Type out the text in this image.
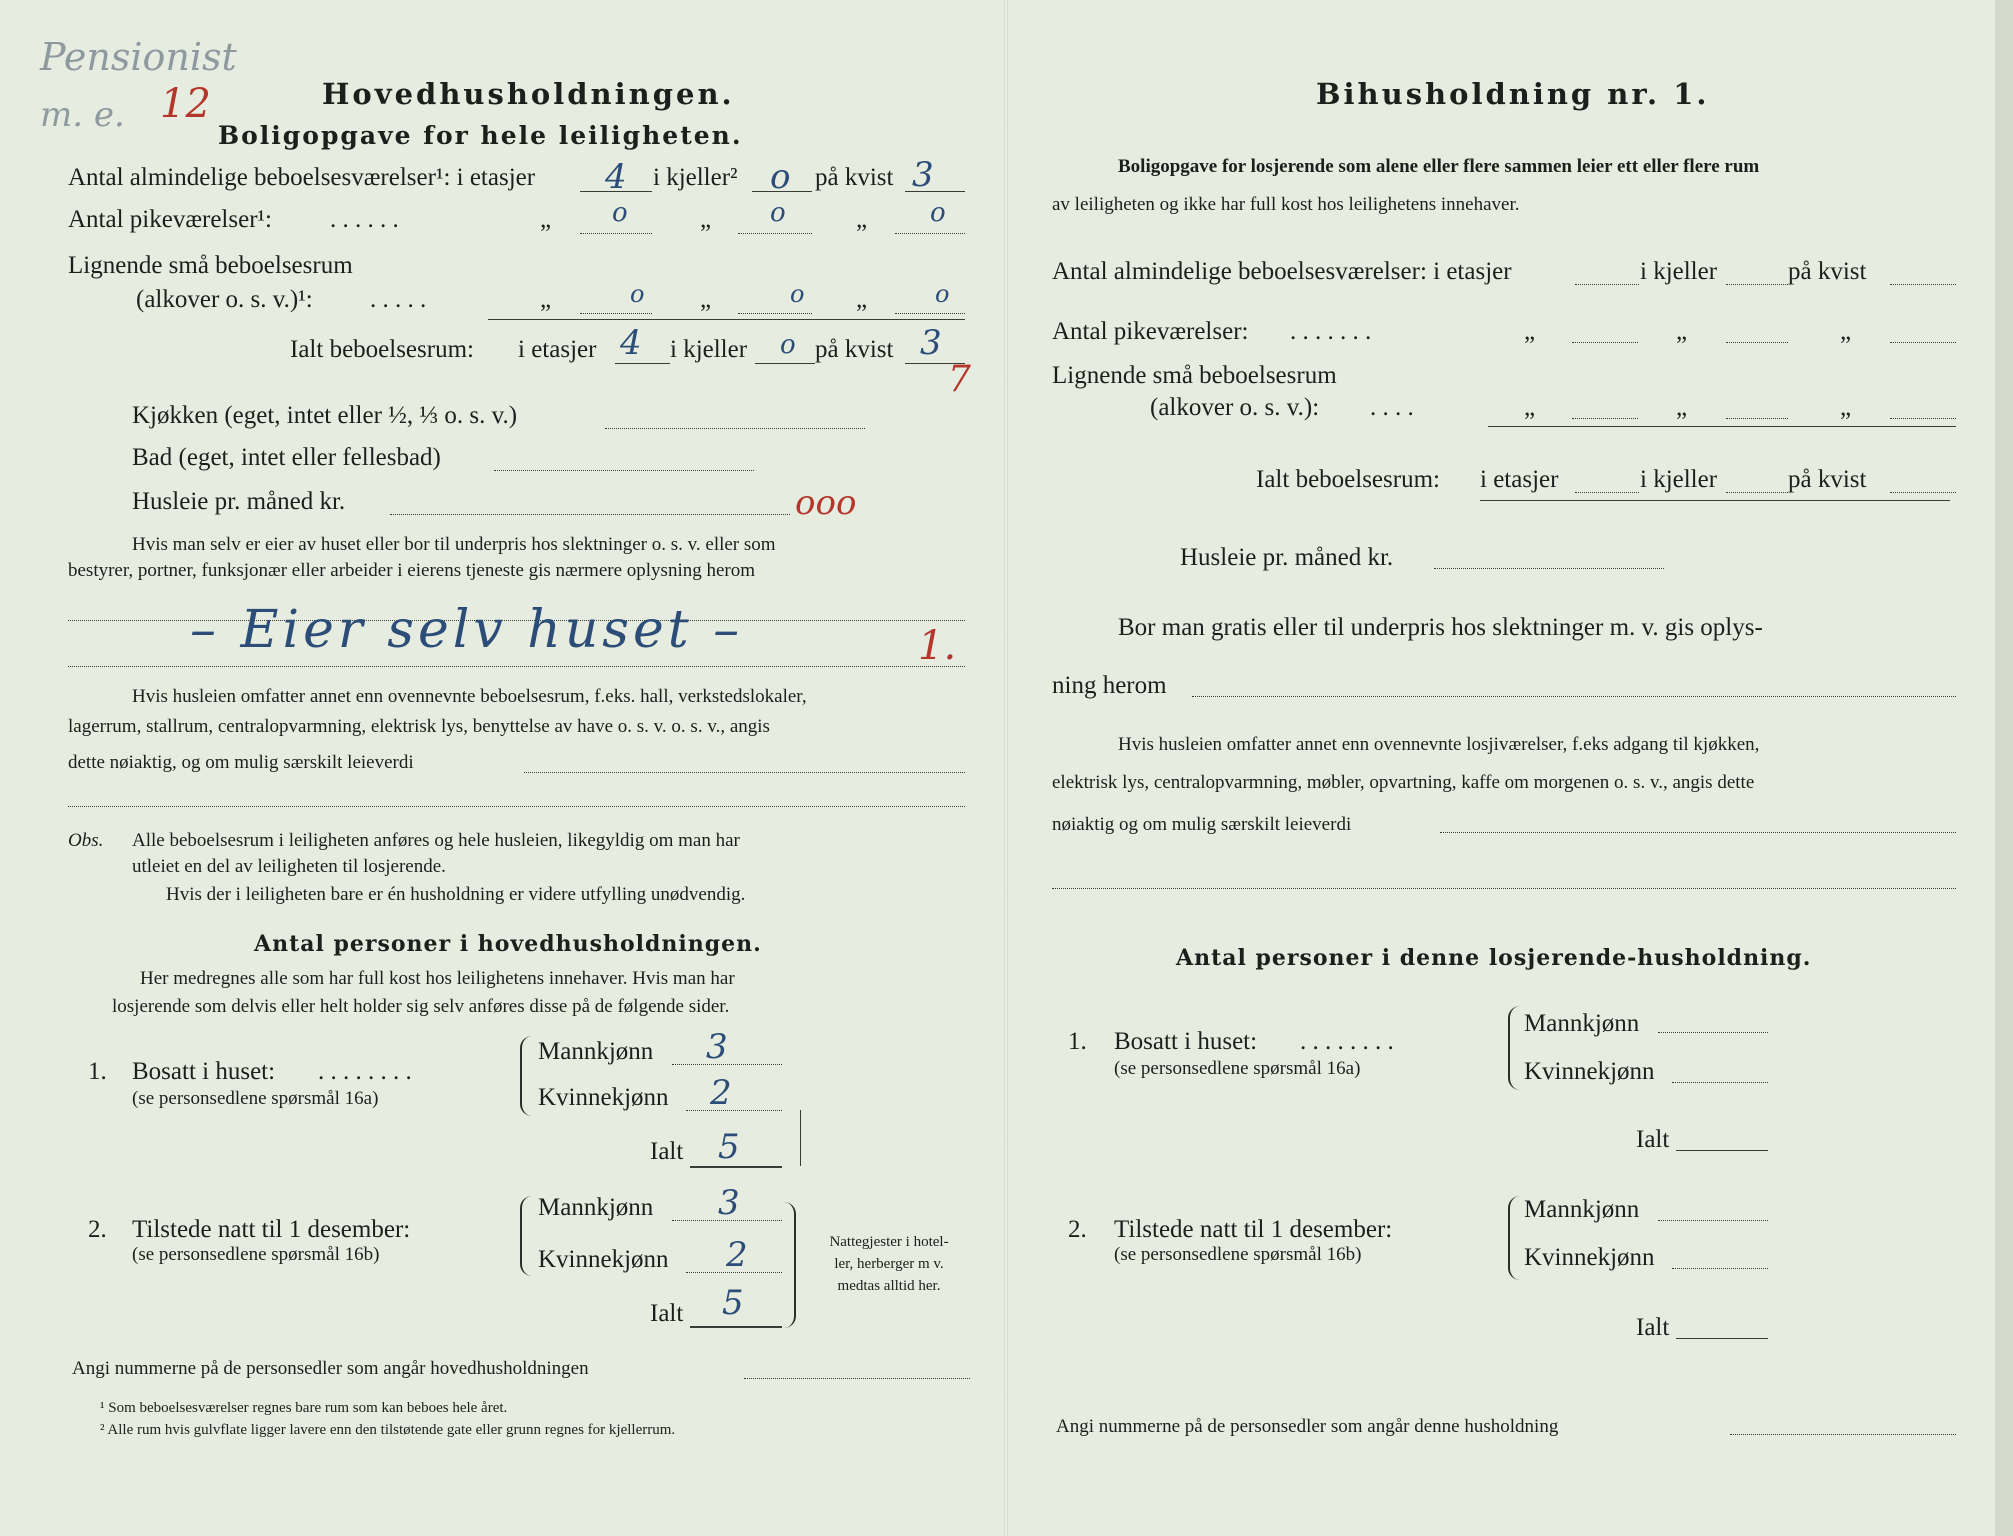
Pensionist
m. e. 12	Hovedhusholdningen.
Boligopgave for hele leiligheten.
Antal almindelige beboelsesværelser¹: i etasjer 4 i kjeller² o på kvist 3
Antal pikeværelser¹: . . . . . .	„ o	„ o	„ o
Lignende små beboelsesrum
(alkover o. s. v.)¹: . . . . .	„	o „	o „	o
Ialt beboelsesrum: i etasjer 4 i kjeller o på kvist 3
7
Kjøkken (eget, intet eller ½, ⅓ o. s. v.)
Bad (eget, intet eller fellesbad)
Husleie pr. måned kr.	ooo
Hvis man selv er eier av huset eller bor til underpris hos slektninger o. s. v. eller som
bestyrer, portner, funksjonær eller arbeider i eierens tjeneste gis nærmere oplysning herom
– Eier selv huset –	1.
Hvis husleien omfatter annet enn ovennevnte beboelsesrum, f.eks. hall, verkstedslokaler,
lagerrum, stallrum, centralopvarmning, elektrisk lys, benyttelse av have o. s. v. o. s. v., angis
dette nøiaktig, og om mulig særskilt leieverdi
Obs. Alle beboelsesrum i leiligheten anføres og hele husleien, likegyldig om man har
utleiet en del av leiligheten til losjerende.
Hvis der i leiligheten bare er én husholdning er videre utfylling unødvendig.
Antal personer i hovedhusholdningen.
Her medregnes alle som har full kost hos leilighetens innehaver. Hvis man har
losjerende som delvis eller helt holder sig selv anføres disse på de følgende sider.
1. Bosatt i huset: . . . . . . . .
(se personsedlene spørsmål 16a)
Mannkjønn 3
Kvinnekjønn 2
Ialt 5
2. Tilstede natt til 1 desember:
(se personsedlene spørsmål 16b)
Mannkjønn 3
Kvinnekjønn 2
Ialt 5
Nattegjester i hotel-
ler, herberger m v.
medtas alltid her.
Angi nummerne på de personsedler som angår hovedhusholdningen
¹ Som beboelsesværelser regnes bare rum som kan beboes hele året.
² Alle rum hvis gulvflate ligger lavere enn den tilstøtende gate eller grunn regnes for kjellerrum.
Bihusholdning nr. 1.
Boligopgave for losjerende som alene eller flere sammen leier ett eller flere rum
av leiligheten og ikke har full kost hos leilighetens innehaver.
Antal almindelige beboelsesværelser: i etasjer	i kjeller	på kvist
Antal pikeværelser: . . . . . . .	„	„	„
Lignende små beboelsesrum
(alkover o. s. v.): . . . .	„	„	„
Ialt beboelsesrum: i etasjer	i kjeller	på kvist
Husleie pr. måned kr.
Bor man gratis eller til underpris hos slektninger m. v. gis oplys-
ning herom
Hvis husleien omfatter annet enn ovennevnte losjiværelser, f.eks adgang til kjøkken,
elektrisk lys, centralopvarmning, møbler, opvartning, kaffe om morgenen o. s. v., angis dette
nøiaktig og om mulig særskilt leieverdi
Antal personer i denne losjerende-husholdning.
1. Bosatt i huset: . . . . . . . .
(se personsedlene spørsmål 16a)
Mannkjønn
Kvinnekjønn
Ialt
2. Tilstede natt til 1 desember:
(se personsedlene spørsmål 16b)
Mannkjønn
Kvinnekjønn
Ialt
Angi nummerne på de personsedler som angår denne husholdning
